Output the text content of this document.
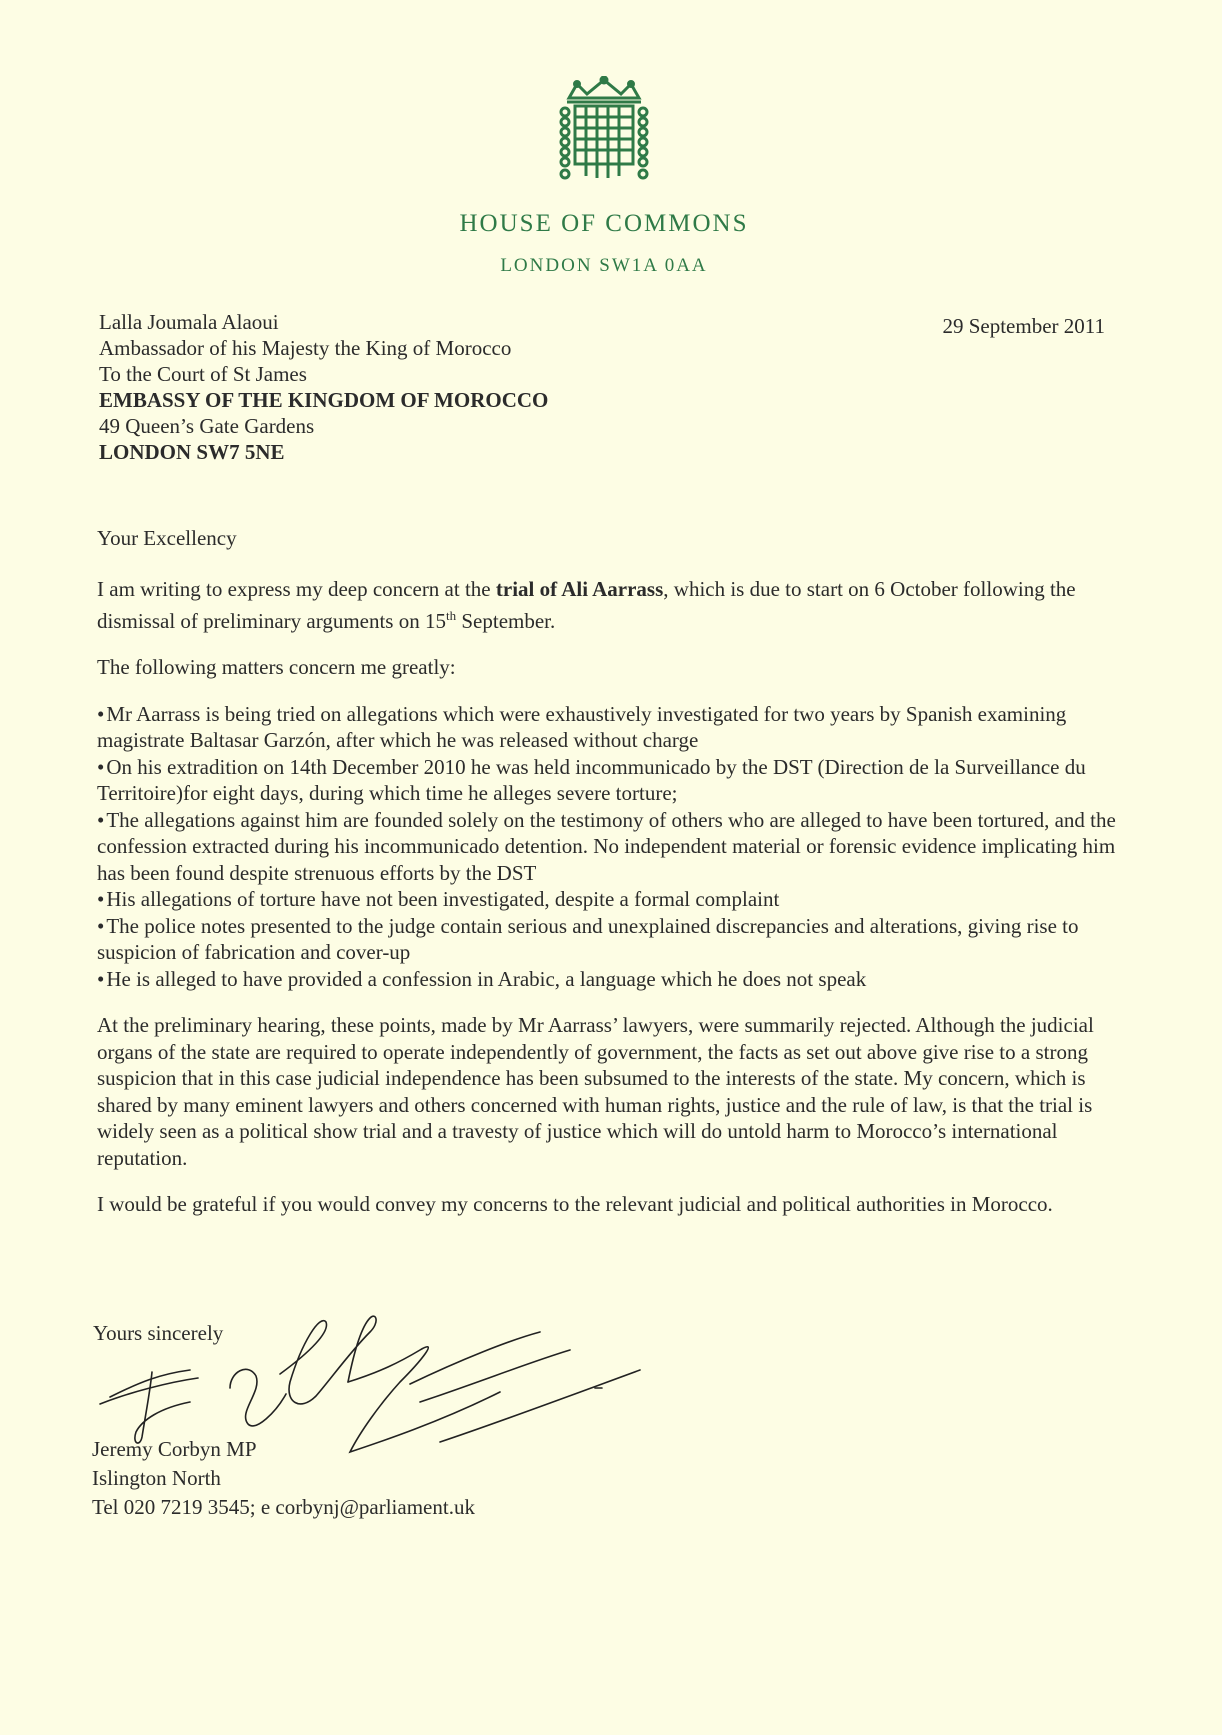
HOUSE OF COMMONS
LONDON SW1A 0AA
29 September 2011
Lalla Joumala Alaoui
Ambassador of his Majesty the King of Morocco
To the Court of St James
EMBASSY OF THE KINGDOM OF MOROCCO
49 Queen’s Gate Gardens
LONDON SW7 5NE
Your Excellency

I am writing to express my deep concern at the trial of Ali Aarrass, which is due to start on 6 October following the dismissal of preliminary arguments on 15th September.

The following matters concern me greatly:

• Mr Aarrass is being tried on allegations which were exhaustively investigated for two years by Spanish examining magistrate Baltasar Garzón, after which he was released without charge
• On his extradition on 14th December 2010 he was held incommunicado by the DST (Direction de la Surveillance du Territoire)for eight days, during which time he alleges severe torture;
• The allegations against him are founded solely on the testimony of others who are alleged to have been tortured, and the confession extracted during his incommunicado detention. No independent material or forensic evidence implicating him has been found despite strenuous efforts by the DST
• His allegations of torture have not been investigated, despite a formal complaint
• The police notes presented to the judge contain serious and unexplained discrepancies and alterations, giving rise to suspicion of fabrication and cover-up
• He is alleged to have provided a confession in Arabic, a language which he does not speak

At the preliminary hearing, these points, made by Mr Aarrass’ lawyers, were summarily rejected. Although the judicial organs of the state are required to operate independently of government, the facts as set out above give rise to a strong suspicion that in this case judicial independence has been subsumed to the interests of the state. My concern, which is shared by many eminent lawyers and others concerned with human rights, justice and the rule of law, is that the trial is widely seen as a political show trial and a travesty of justice which will do untold harm to Morocco’s international reputation.

I would be grateful if you would convey my concerns to the relevant judicial and political authorities in Morocco.

Yours sincerely
Jeremy Corbyn MP
Islington North
Tel 020 7219 3545; e corbynj@parliament.uk
